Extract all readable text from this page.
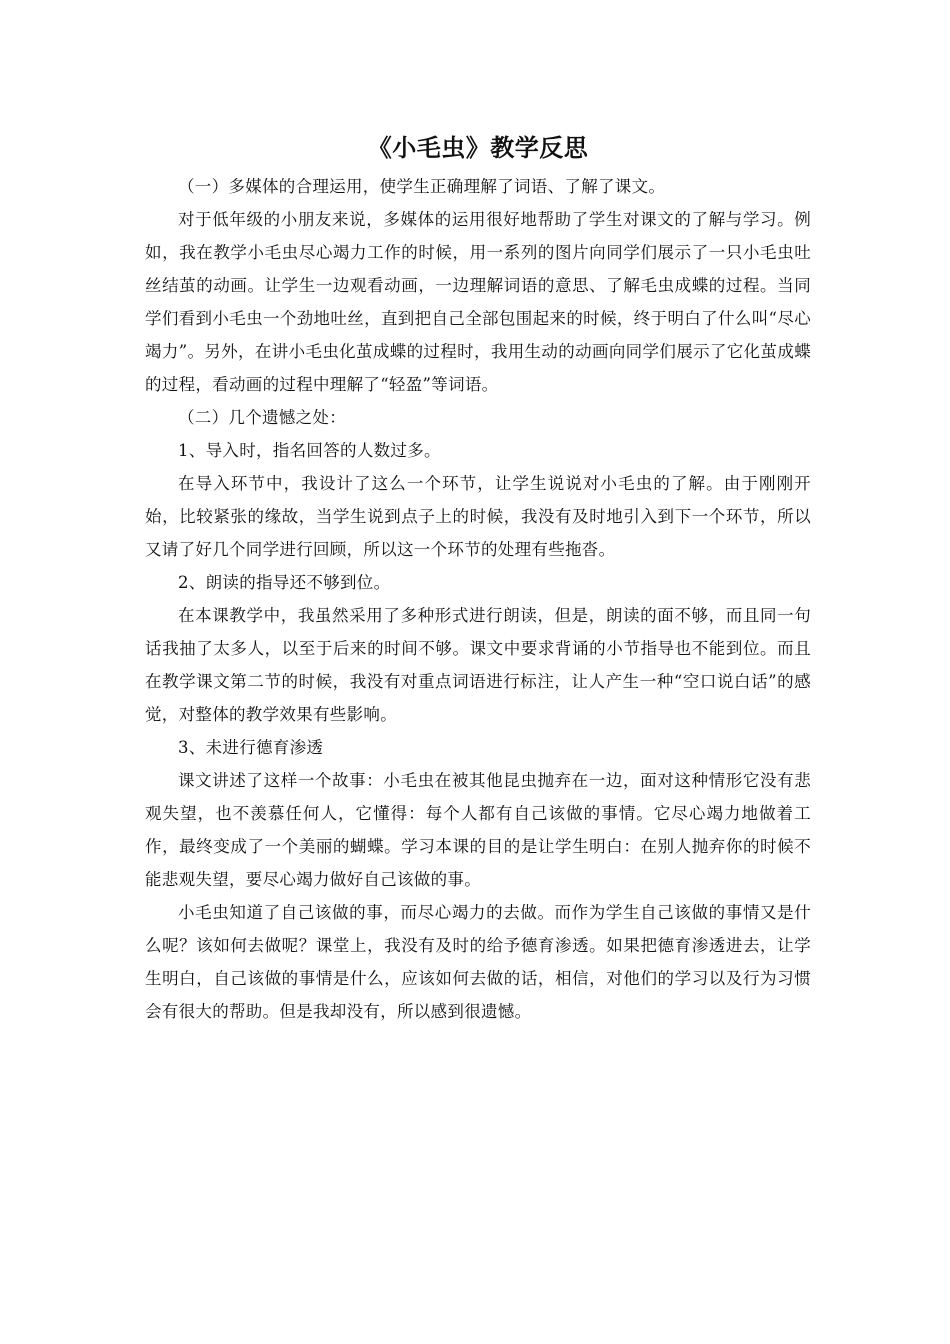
《小毛虫》教学反思

（一）多媒体的合理运用，使学生正确理解了词语、了解了课文。

对于低年级的小朋友来说，多媒体的运用很好地帮助了学生对课文的了解与学习。例如，我在教学小毛虫尽心竭力工作的时候，用一系列的图片向同学们展示了一只小毛虫吐丝结茧的动画。让学生一边观看动画，一边理解词语的意思、了解毛虫成蝶的过程。当同学们看到小毛虫一个劲地吐丝，直到把自己全部包围起来的时候，终于明白了什么叫“尽心竭力”。另外，在讲小毛虫化茧成蝶的过程时，我用生动的动画向同学们展示了它化茧成蝶的过程，看动画的过程中理解了“轻盈”等词语。

（二）几个遗憾之处：

1、导入时，指名回答的人数过多。

在导入环节中，我设计了这么一个环节，让学生说说对小毛虫的了解。由于刚刚开始，比较紧张的缘故，当学生说到点子上的时候，我没有及时地引入到下一个环节，所以又请了好几个同学进行回顾，所以这一个环节的处理有些拖沓。

2、朗读的指导还不够到位。

在本课教学中，我虽然采用了多种形式进行朗读，但是，朗读的面不够，而且同一句话我抽了太多人，以至于后来的时间不够。课文中要求背诵的小节指导也不能到位。而且在教学课文第二节的时候，我没有对重点词语进行标注，让人产生一种“空口说白话”的感觉，对整体的教学效果有些影响。

3、未进行德育渗透

课文讲述了这样一个故事：小毛虫在被其他昆虫抛弃在一边，面对这种情形它没有悲观失望，也不羡慕任何人，它懂得：每个人都有自己该做的事情。它尽心竭力地做着工作，最终变成了一个美丽的蝴蝶。学习本课的目的是让学生明白：在别人抛弃你的时候不能悲观失望，要尽心竭力做好自己该做的事。

小毛虫知道了自己该做的事，而尽心竭力的去做。而作为学生自己该做的事情又是什么呢？该如何去做呢？课堂上，我没有及时的给予德育渗透。如果把德育渗透进去，让学生明白，自己该做的事情是什么，应该如何去做的话，相信，对他们的学习以及行为习惯会有很大的帮助。但是我却没有，所以感到很遗憾。
